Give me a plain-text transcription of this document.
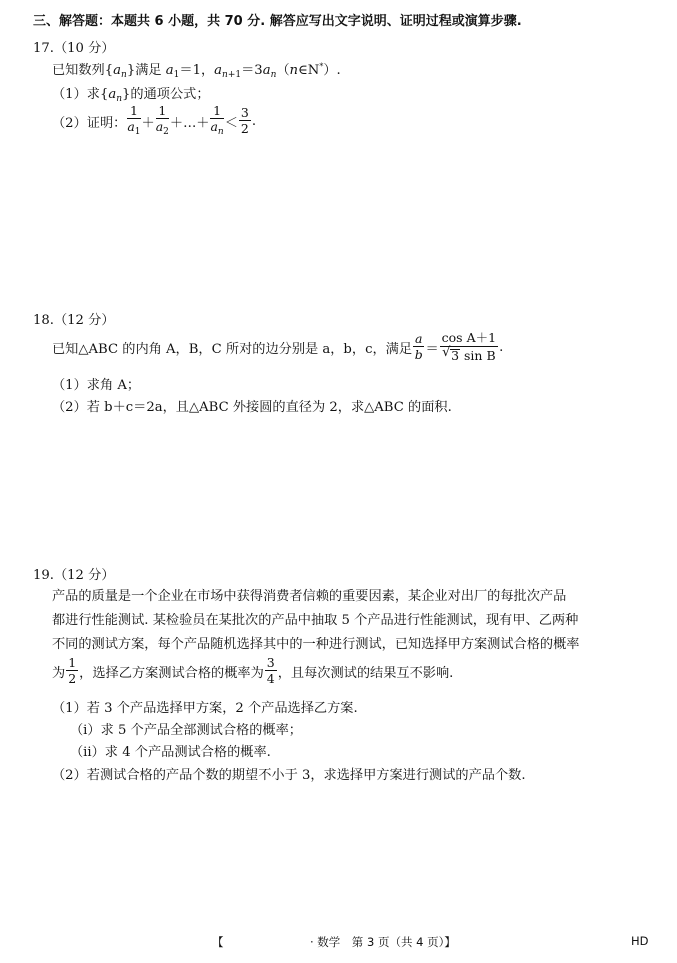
三、解答题：本题共 6 小题，共 70 分. 解答应写出文字说明、证明过程或演算步骤.
17.（10 分）
已知数列$\{a_n\}$满足 $a_1=1$，$a_{n+1}=3a_n(n\in N^*)$.
（1）求$\{a_n\}$的通项公式；
（2）证明： $\frac{1}{a_1} + \frac{1}{a_2}$ ＋…＋ $\frac{1}{a_n} < \frac{3}{2}$ .
18.（12 分）
已知△ABC 的内角 A，B，C 所对的边分别是 a，b，c，满足 $\frac{a}{b} = \frac{\text{cos A＋1}}{\text{√ 3 sin B}}$ .
（1）求角 A；
（2）若 b＋c＝2a，且△ABC 外接圆的直径为 2，求△ABC 的面积.
19.（12 分）
产品的质量是一个企业在市场中获得消费者信赖的重要因素，某企业对出厂的每批次产品
都进行性能测试. 某检验员在某批次的产品中抽取 5 个产品进行性能测试，现有甲、乙两种
不同的测试方案，每个产品随机选择其中的一种进行测试，已知选择甲方案测试合格的概率
为 $\frac{1}{2}$ ，选择乙方案测试合格的概率为 $\frac{3}{4}$ ，且每次测试的结果互不影响.
（1）若 3 个产品选择甲方案，2 个产品选择乙方案.
（ⅰ）求 5 个产品全部测试合格的概率；
（ⅱ）求 4 个产品测试合格的概率.
（2）若测试合格的产品个数的期望不小于 3，求选择甲方案进行测试的产品个数.
【	· 数学　第 3 页（共 4 页）】	HD
